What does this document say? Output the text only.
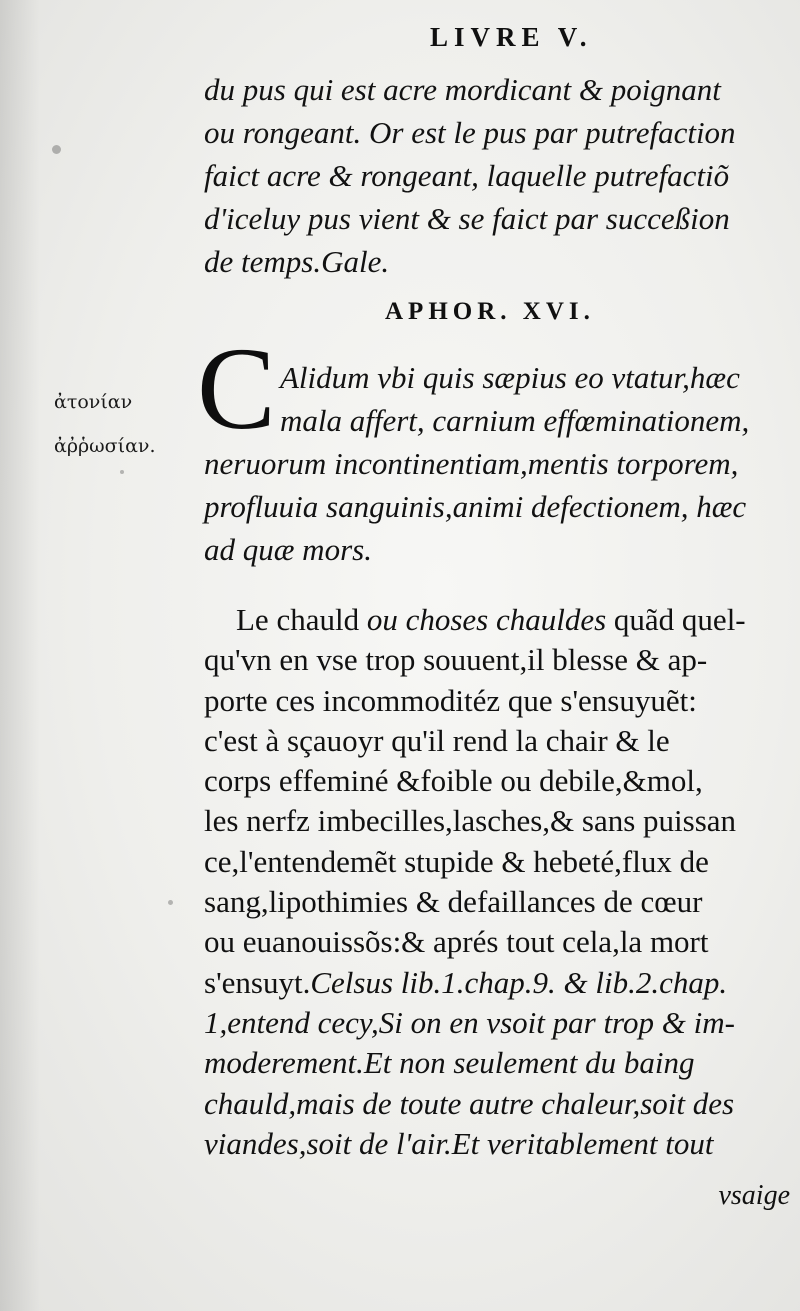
LIVRE V.
du pus qui est acre mordicant & poignant
ou rongeant. Or est le pus par putrefaction
faict acre & rongeant, laquelle putrefactiõ
d'iceluy pus vient & se faict par succeßion
de temps.Gale.
APHOR. XVI.
C
ἀτονίαν
ἀῤῥωσίαν.
Alidum vbi quis sæpius eo vtatur,hæc
mala affert, carnium effœminationem,
neruorum incontinentiam,mentis torporem,
profluuia sanguinis,animi defectionem, hæc
ad quæ mors.
Le chauld ou choses chauldes quãd quel-
qu'vn en vse trop souuent,il blesse & ap-
porte ces incommoditéz que s'ensuyuẽt:
c'est à sçauoyr qu'il rend la chair & le
corps effeminé &foible ou debile,&mol,
les nerfz imbecilles,lasches,& sans puissan
ce,l'entendemẽt stupide & hebeté,flux de
sang,lipothimies & defaillances de cœur
ou euanouissõs:& aprés tout cela,la mort
s'ensuyt.Celsus lib.1.chap.9. & lib.2.chap.
1,entend cecy,Si on en vsoit par trop & im-
moderement.Et non seulement du baing
chauld,mais de toute autre chaleur,soit des
viandes,soit de l'air.Et veritablement tout
vsaige
